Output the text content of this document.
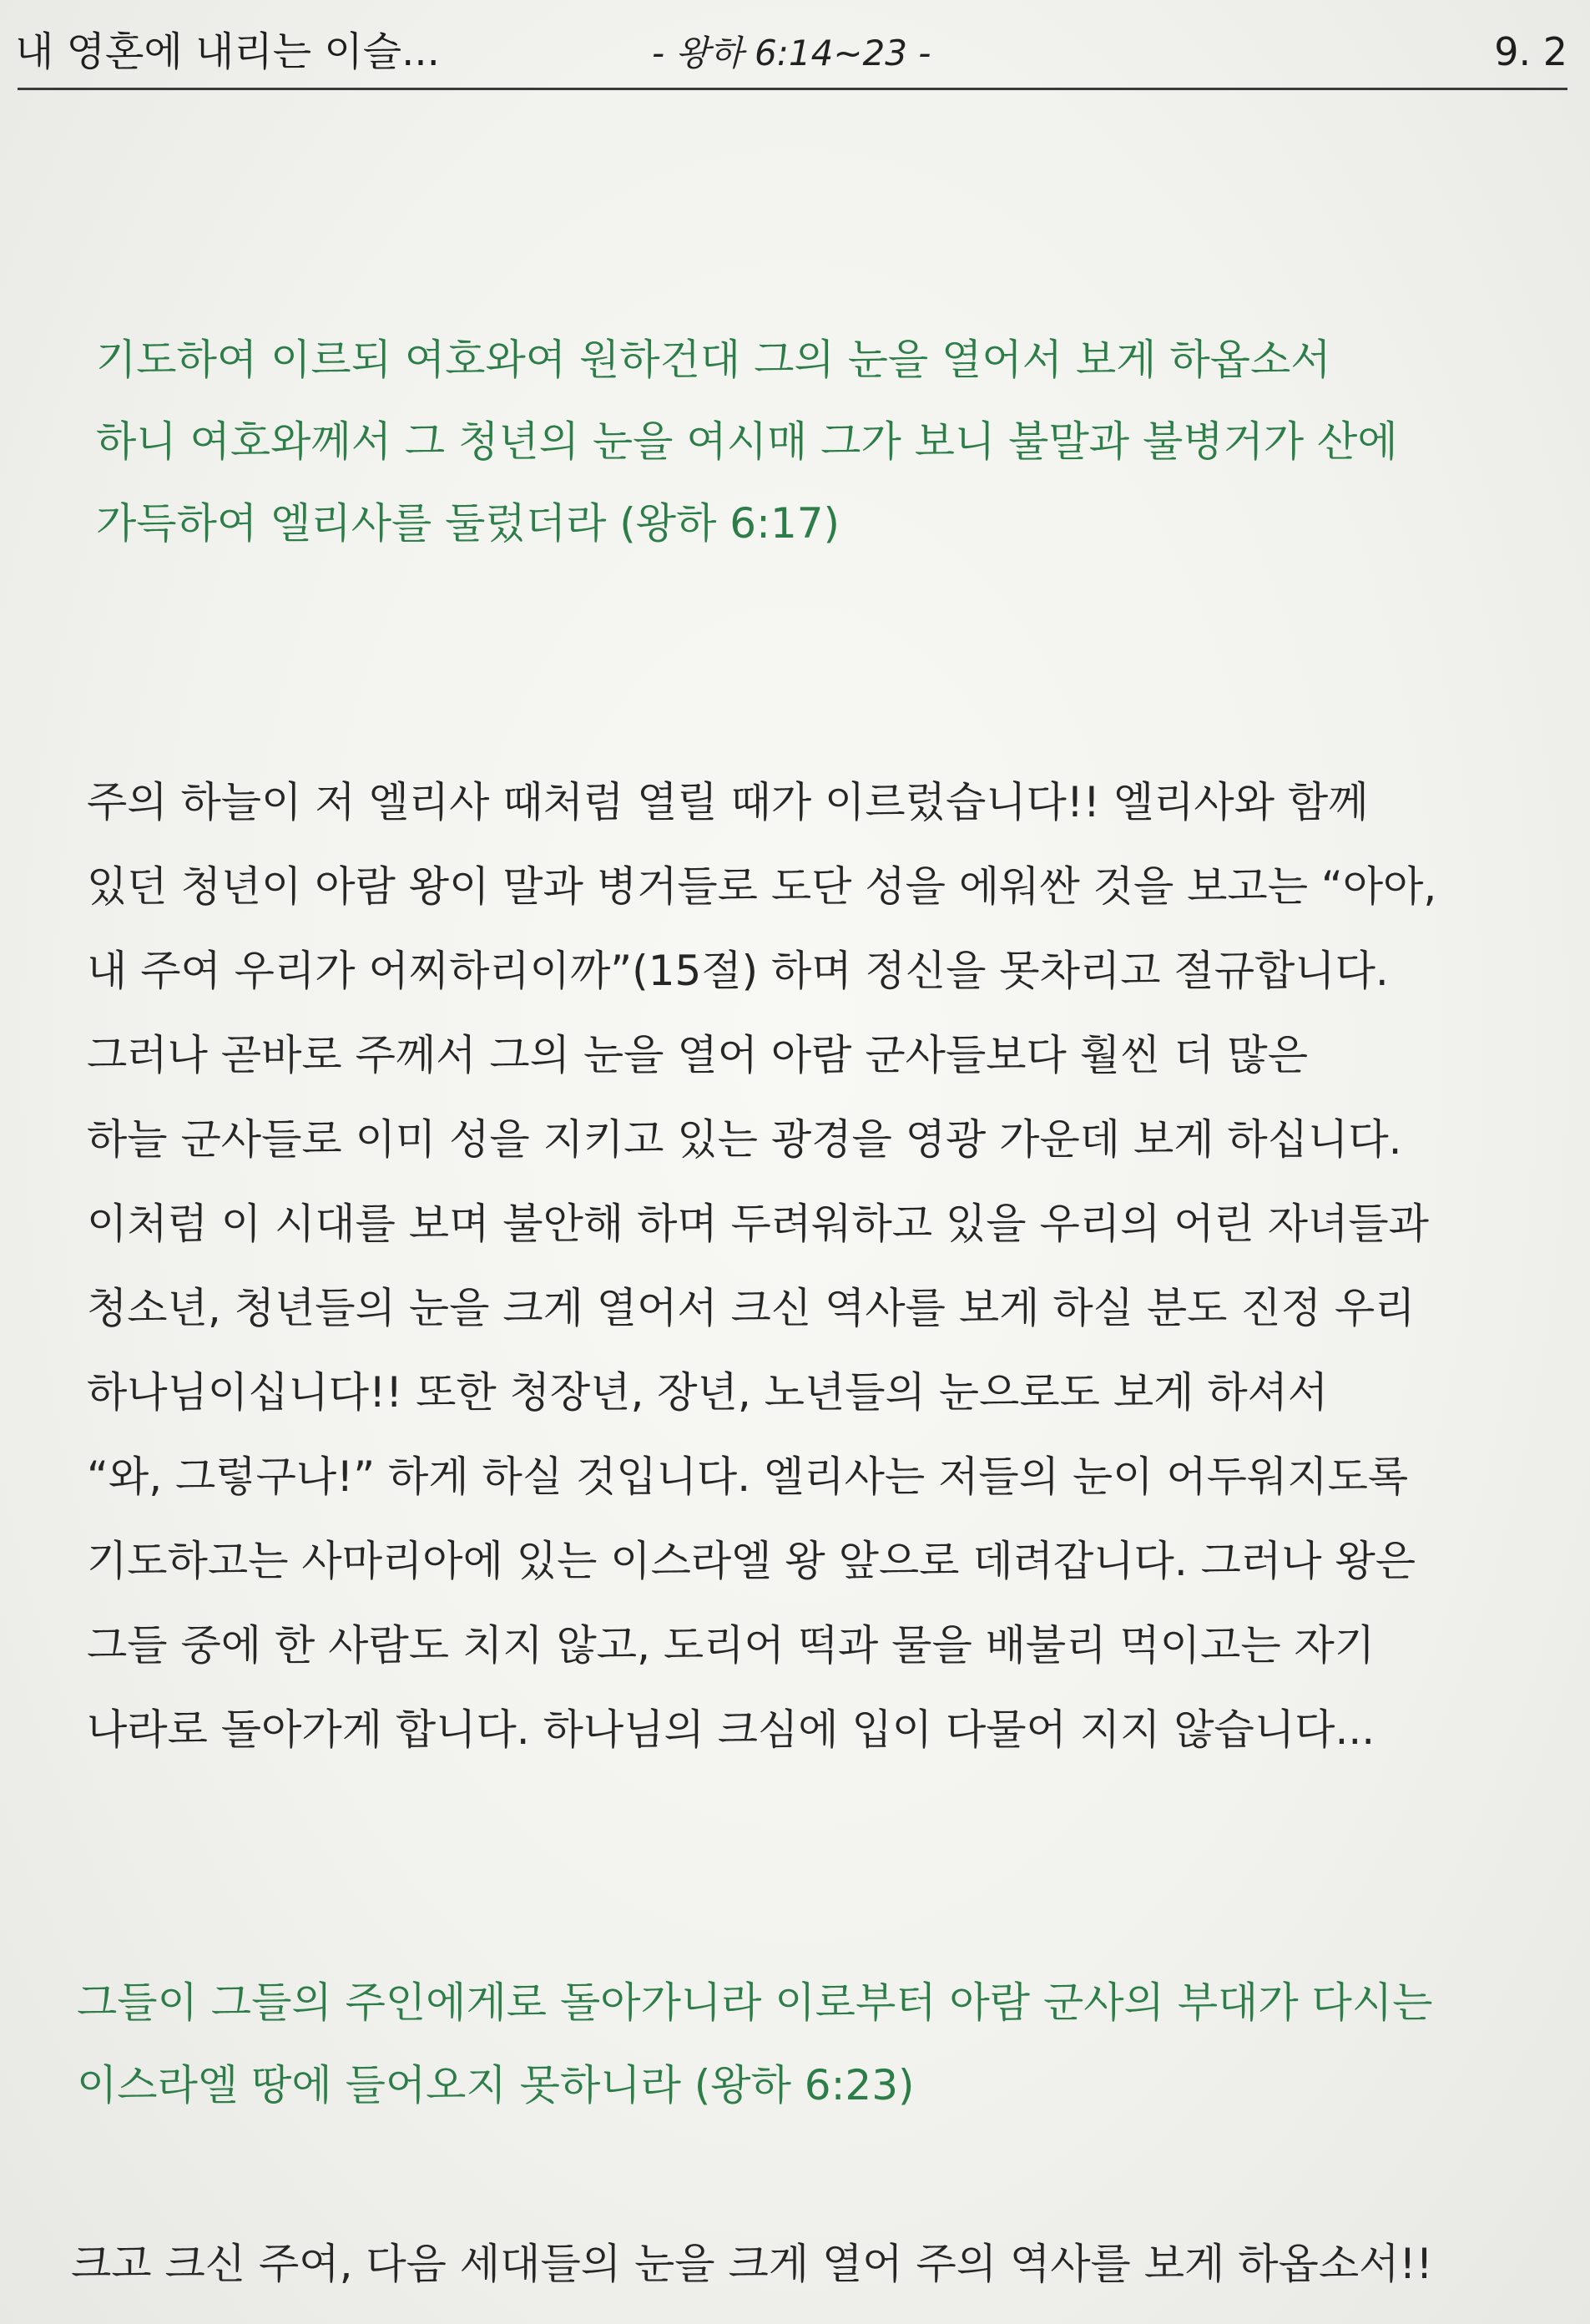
내 영혼에 내리는 이슬...	- 왕하 6:14~23 -	9. 2
기도하여 이르되 여호와여 원하건대 그의 눈을 열어서 보게 하옵소서
하니 여호와께서 그 청년의 눈을 여시매 그가 보니 불말과 불병거가 산에
가득하여 엘리사를 둘렀더라 (왕하 6:17)
주의 하늘이 저 엘리사 때처럼 열릴 때가 이르렀습니다!! 엘리사와 함께
있던 청년이 아람 왕이 말과 병거들로 도단 성을 에워싼 것을 보고는 “아아,
내 주여 우리가 어찌하리이까”(15절) 하며 정신을 못차리고 절규합니다.
그러나 곧바로 주께서 그의 눈을 열어 아람 군사들보다 훨씬 더 많은
하늘 군사들로 이미 성을 지키고 있는 광경을 영광 가운데 보게 하십니다.
이처럼 이 시대를 보며 불안해 하며 두려워하고 있을 우리의 어린 자녀들과
청소년, 청년들의 눈을 크게 열어서 크신 역사를 보게 하실 분도 진정 우리
하나님이십니다!! 또한 청장년, 장년, 노년들의 눈으로도 보게 하셔서
“와, 그렇구나!” 하게 하실 것입니다. 엘리사는 저들의 눈이 어두워지도록
기도하고는 사마리아에 있는 이스라엘 왕 앞으로 데려갑니다. 그러나 왕은
그들 중에 한 사람도 치지 않고, 도리어 떡과 물을 배불리 먹이고는 자기
나라로 돌아가게 합니다. 하나님의 크심에 입이 다물어 지지 않습니다...
그들이 그들의 주인에게로 돌아가니라 이로부터 아람 군사의 부대가 다시는
이스라엘 땅에 들어오지 못하니라 (왕하 6:23)
크고 크신 주여, 다음 세대들의 눈을 크게 열어 주의 역사를 보게 하옵소서!!
